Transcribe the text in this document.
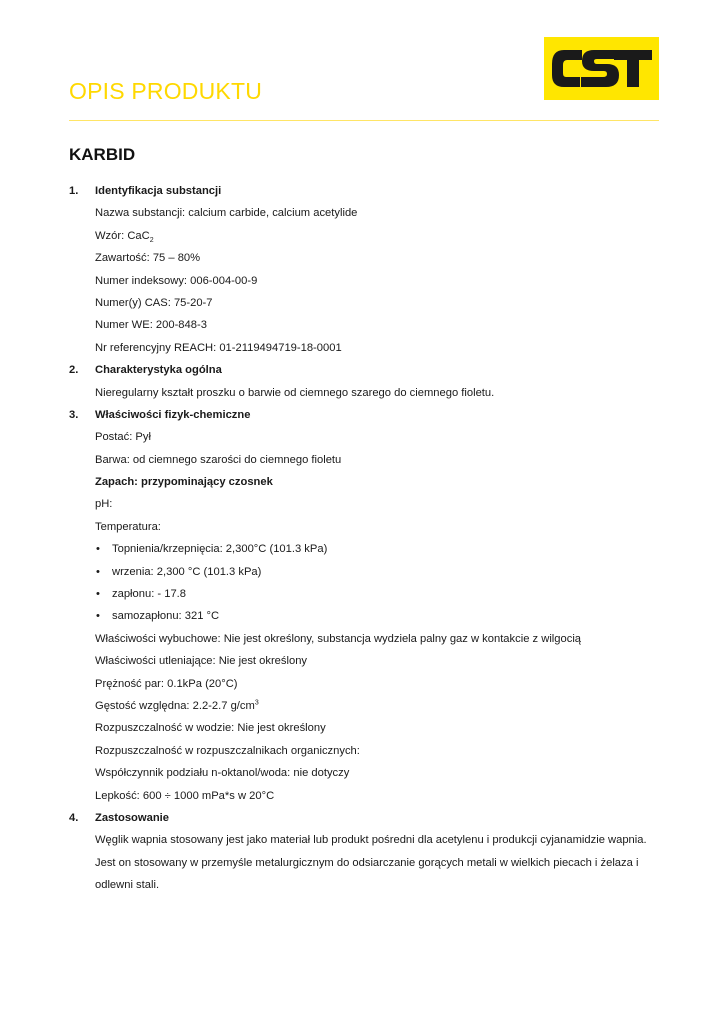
OPIS PRODUKTU
KARBID
1. Identyfikacja substancji
Nazwa substancji: calcium carbide, calcium acetylide
Wzór: CaC$_2$
Zawartość: 75 – 80%
Numer indeksowy: 006-004-00-9
Numer(y) CAS: 75-20-7
Numer WE: 200-848-3
Nr referencyjny REACH: 01-2119494719-18-0001
2. Charakterystyka ogólna
Nieregularny kształt proszku o barwie od ciemnego szarego do ciemnego fioletu.
3. Właściwości fizyk-chemiczne
Postać: Pył
Barwa: od ciemnego szarości do ciemnego fioletu
Zapach: przypominający czosnek
pH:
Temperatura:
• Topnienia/krzepnięcia: 2,300°C (101.3 kPa)
• wrzenia: 2,300 °C (101.3 kPa)
• zapłonu: - 17.8
• samozapłonu: 321 °C
Właściwości wybuchowe: Nie jest określony, substancja wydziela palny gaz w kontakcie z wilgocią
Właściwości utleniające: Nie jest określony
Prężność par: 0.1kPa (20°C)
Gęstość względna: 2.2-2.7 $g/cm^3$
Rozpuszczalność w wodzie: Nie jest określony
Rozpuszczalność w rozpuszczalnikach organicznych:
Współczynnik podziału n-oktanol/woda: nie dotyczy
Lepkość: 600 ÷ 1000 mPa*s w 20°C
4. Zastosowanie
Węglik wapnia stosowany jest jako materiał lub produkt pośredni dla acetylenu i produkcji cyjanamidzie wapnia.
Jest on stosowany w przemyśle metalurgicznym do odsiarczanie gorących metali w wielkich piecach i żelaza i
odlewni stali.
